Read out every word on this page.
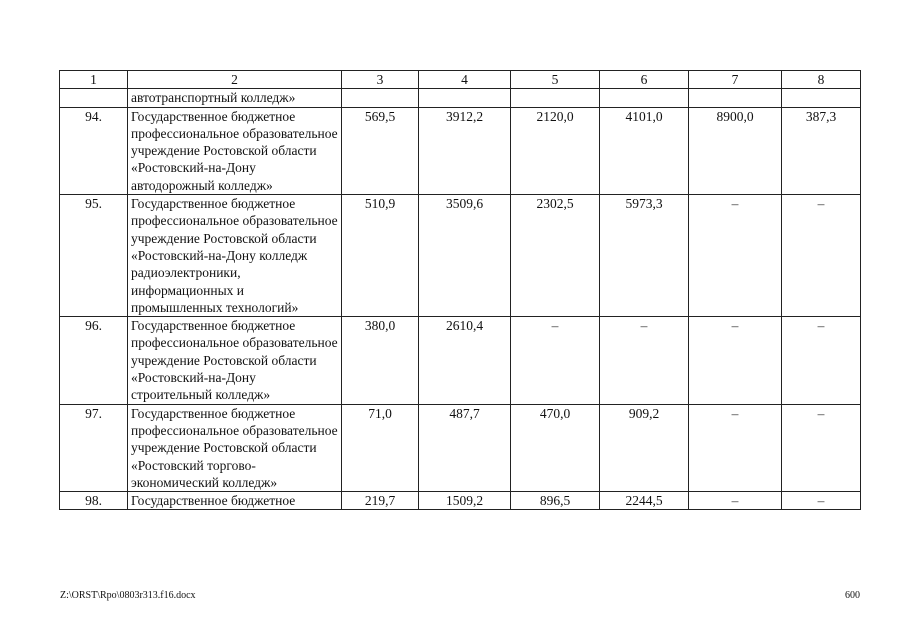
1	2	3	4	5	6	7	8
	автотранспортный колледж»						
94.	Государственное бюджетное профессиональное образовательное учреждение Ростовской области «Ростовский-на-Дону автодорожный колледж»	569,5	3912,2	2120,0	4101,0	8900,0	387,3
95.	Государственное бюджетное профессиональное образовательное учреждение Ростовской области «Ростовский-на-Дону колледж радиоэлектроники, информационных и промышленных технологий»	510,9	3509,6	2302,5	5973,3	–	–
96.	Государственное бюджетное профессиональное образовательное учреждение Ростовской области «Ростовский-на-Дону строительный колледж»	380,0	2610,4	–	–	–	–
97.	Государственное бюджетное профессиональное образовательное учреждение Ростовской области «Ростовский торгово-экономический колледж»	71,0	487,7	470,0	909,2	–	–
98.	Государственное бюджетное	219,7	1509,2	896,5	2244,5	–	–
Z:\ORST\Rpo\0803r313.f16.docx	600
